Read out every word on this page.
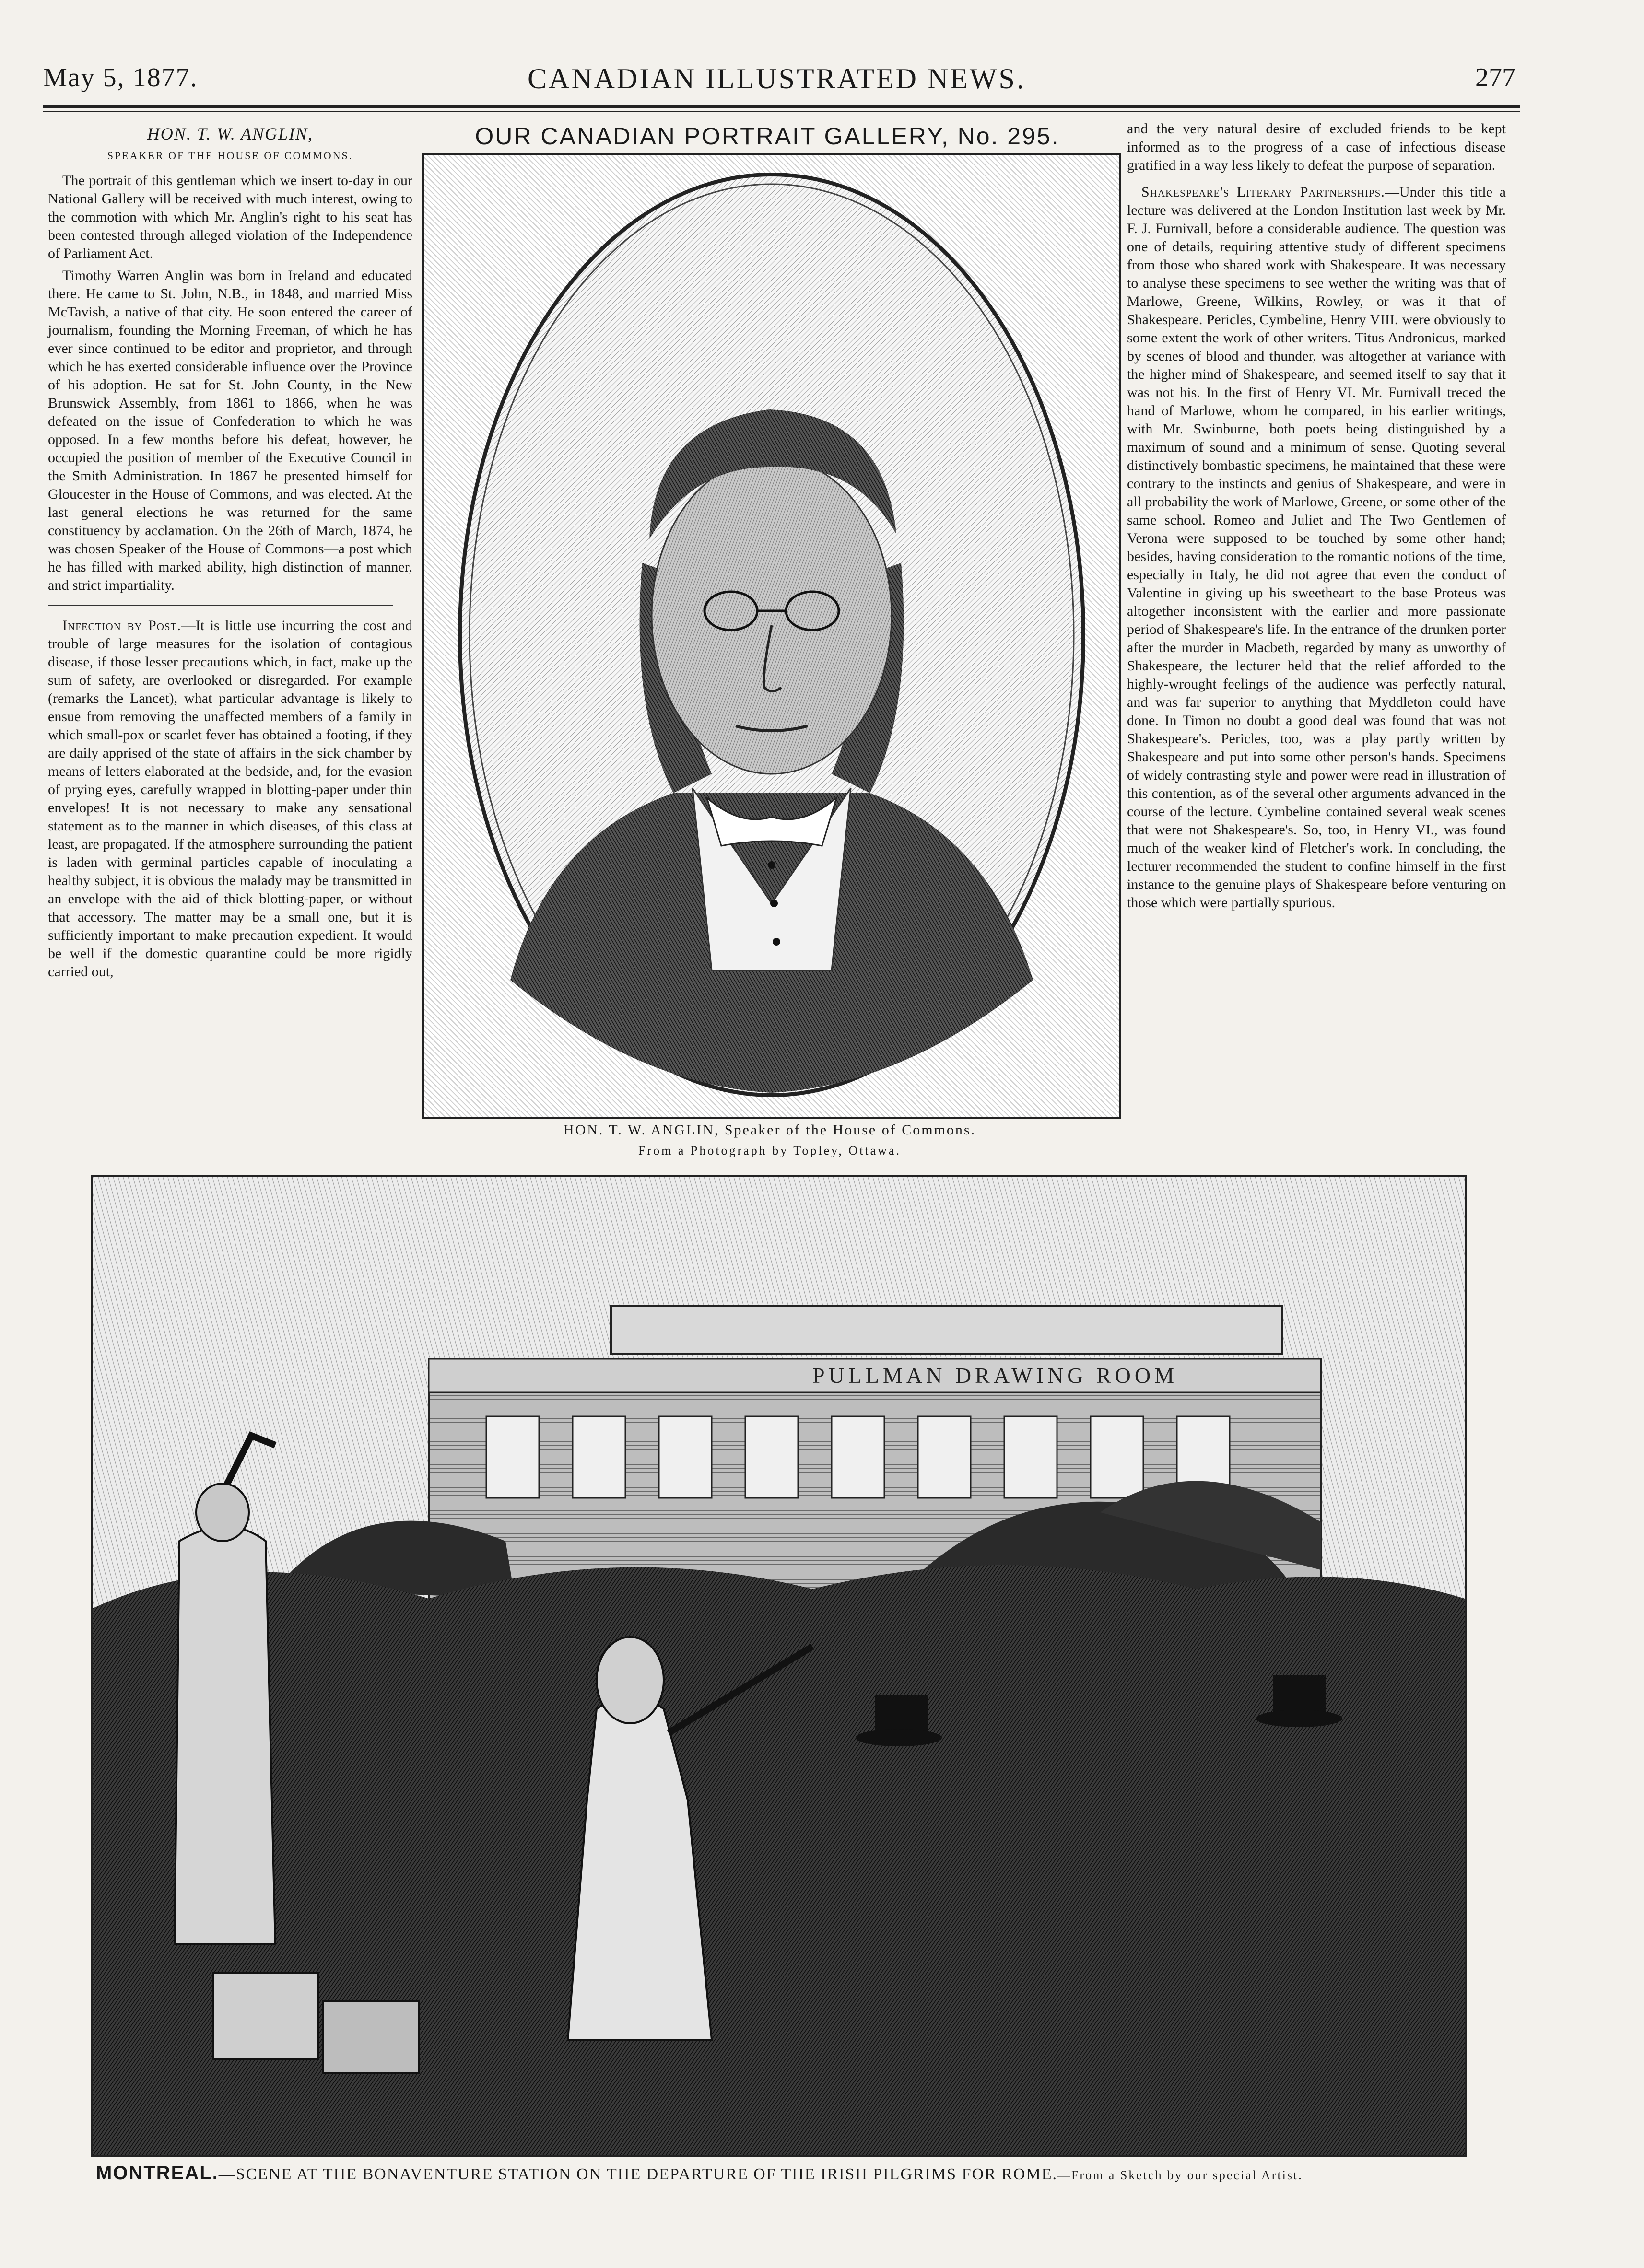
May 5, 1877.	CANADIAN ILLUSTRATED NEWS.	277
HON. T. W. ANGLIN,
SPEAKER OF THE HOUSE OF COMMONS.

The portrait of this gentleman which we insert to-day in our National Gallery will be received with much interest, owing to the commotion with which Mr. Anglin's right to his seat has been contested through alleged violation of the Independence of Parliament Act.

Timothy Warren Anglin was born in Ireland and educated there. He came to St. John, N.B., in 1848, and married Miss McTavish, a native of that city. He soon entered the career of journalism, founding the Morning Freeman, of which he has ever since continued to be editor and proprietor, and through which he has exerted considerable influence over the Province of his adoption. He sat for St. John County, in the New Brunswick Assembly, from 1861 to 1866, when he was defeated on the issue of Confederation to which he was opposed. In a few months before his defeat, however, he occupied the position of member of the Executive Council in the Smith Administration. In 1867 he presented himself for Gloucester in the House of Commons, and was elected. At the last general elections he was returned for the same constituency by acclamation. On the 26th of March, 1874, he was chosen Speaker of the House of Commons—a post which he has filled with marked ability, high distinction of manner, and strict impartiality.

Infection by Post.—It is little use incurring the cost and trouble of large measures for the isolation of contagious disease, if those lesser precautions which, in fact, make up the sum of safety, are overlooked or disregarded. For example (remarks the Lancet), what particular advantage is likely to ensue from removing the unaffected members of a family in which small-pox or scarlet fever has obtained a footing, if they are daily apprised of the state of affairs in the sick chamber by means of letters elaborated at the bedside, and, for the evasion of prying eyes, carefully wrapped in blotting-paper under thin envelopes! It is not necessary to make any sensational statement as to the manner in which diseases, of this class at least, are propagated. If the atmosphere surrounding the patient is laden with germinal particles capable of inoculating a healthy subject, it is obvious the malady may be transmitted in an envelope with the aid of thick blotting-paper, or without that accessory. The matter may be a small one, but it is sufficiently important to make precaution expedient. It would be well if the domestic quarantine could be more rigidly carried out,

OUR CANADIAN PORTRAIT GALLERY, No. 295.
HON. T. W. ANGLIN, Speaker of the House of Commons.
From a Photograph by Topley, Ottawa.

and the very natural desire of excluded friends to be kept informed as to the progress of a case of infectious disease gratified in a way less likely to defeat the purpose of separation.

Shakespeare's Literary Partnerships.—Under this title a lecture was delivered at the London Institution last week by Mr. F. J. Furnivall, before a considerable audience. The question was one of details, requiring attentive study of different specimens from those who shared work with Shakespeare. It was necessary to analyse these specimens to see wether the writing was that of Marlowe, Greene, Wilkins, Rowley, or was it that of Shakespeare. Pericles, Cymbeline, Henry VIII. were obviously to some extent the work of other writers. Titus Andronicus, marked by scenes of blood and thunder, was altogether at variance with the higher mind of Shakespeare, and seemed itself to say that it was not his. In the first of Henry VI. Mr. Furnivall treced the hand of Marlowe, whom he compared, in his earlier writings, with Mr. Swinburne, both poets being distinguished by a maximum of sound and a minimum of sense. Quoting several distinctively bombastic specimens, he maintained that these were contrary to the instincts and genius of Shakespeare, and were in all probability the work of Marlowe, Greene, or some other of the same school. Romeo and Juliet and The Two Gentlemen of Verona were supposed to be touched by some other hand; besides, having consideration to the romantic notions of the time, especially in Italy, he did not agree that even the conduct of Valentine in giving up his sweetheart to the base Proteus was altogether inconsistent with the earlier and more passionate period of Shakespeare's life. In the entrance of the drunken porter after the murder in Macbeth, regarded by many as unworthy of Shakespeare, the lecturer held that the relief afforded to the highly-wrought feelings of the audience was perfectly natural, and was far superior to anything that Myddleton could have done. In Timon no doubt a good deal was found that was not Shakespeare's. Pericles, too, was a play partly written by Shakespeare and put into some other person's hands. Specimens of widely contrasting style and power were read in illustration of this contention, as of the several other arguments advanced in the course of the lecture. Cymbeline contained several weak scenes that were not Shakespeare's. So, too, in Henry VI., was found much of the weaker kind of Fletcher's work. In concluding, the lecturer recommended the student to confine himself in the first instance to the genuine plays of Shakespeare before venturing on those which were partially spurious.

PULLMAN DRAWING ROOM
MONTREAL.—SCENE AT THE BONAVENTURE STATION ON THE DEPARTURE OF THE IRISH PILGRIMS FOR ROME.—From a Sketch by our special Artist.
